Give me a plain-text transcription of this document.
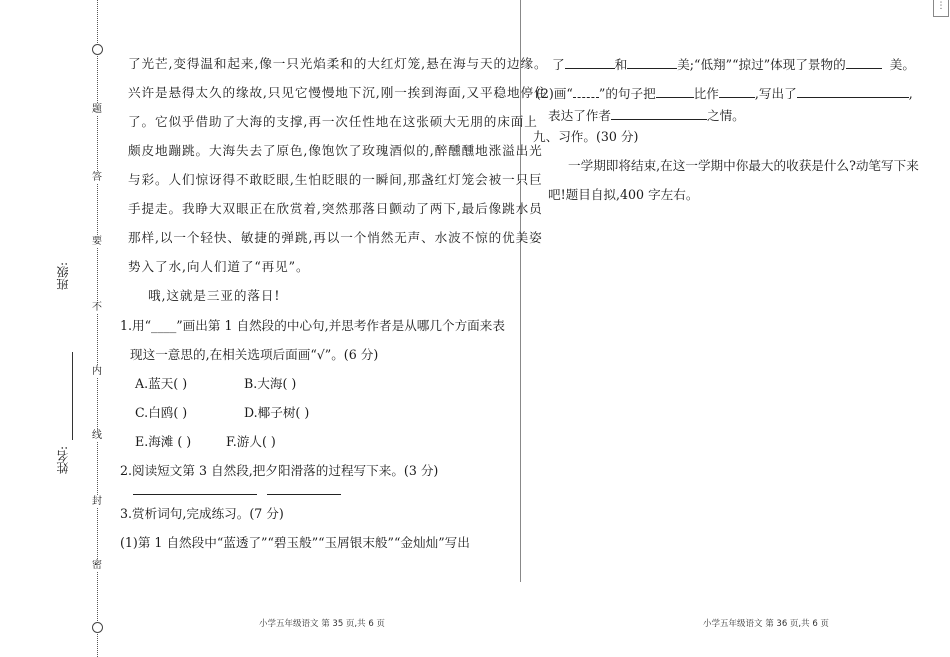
题
答
要
不
内
线
封
密
班级:
姓名:
了光芒,变得温和起来,像一只光焰柔和的大红灯笼,悬在海与天的边缘。
兴许是悬得太久的缘故,只见它慢慢地下沉,刚一挨到海面,又平稳地停住
了。它似乎借助了大海的支撑,再一次任性地在这张硕大无朋的床面上
颇皮地蹦跳。大海失去了原色,像饱饮了玫瑰酒似的,醉醺醺地涨溢出光
与彩。人们惊讶得不敢眨眼,生怕眨眼的一瞬间,那盏红灯笼会被一只巨
手提走。我睁大双眼正在欣赏着,突然那落日颤动了两下,最后像跳水员
那样,以一个轻快、敏捷的弹跳,再以一个悄然无声、水波不惊的优美姿
势入了水,向人们道了“再见”。
哦,这就是三亚的落日!
1.用“____”画出第 1 自然段的中心句,并思考作者是从哪几个方面来表
现这一意思的,在相关选项后面画“√”。(6 分)
A.蓝天( )	B.大海( )
C.白鸥( )	D.椰子树( )
E.海滩 ( )	F.游人( )
2.阅读短文第 3 自然段,把夕阳滑落的过程写下来。(3 分)
3.赏析词句,完成练习。(7 分)
(1)第 1 自然段中“蓝透了”“碧玉般”“玉屑银末般”“金灿灿”写出
了	和	美;“低翔”“掠过”体现了景物的	美。
(2)画“ ”的句子把	比作	,写出了	,
表达了作者	之情。
九、习作。(30 分)
一学期即将结束,在这一学期中你最大的收获是什么?动笔写下来
吧!题目自拟,400 字左右。
小学五年级语文 第 35 页,共 6 页	小学五年级语文 第 36 页,共 6 页
⋮
